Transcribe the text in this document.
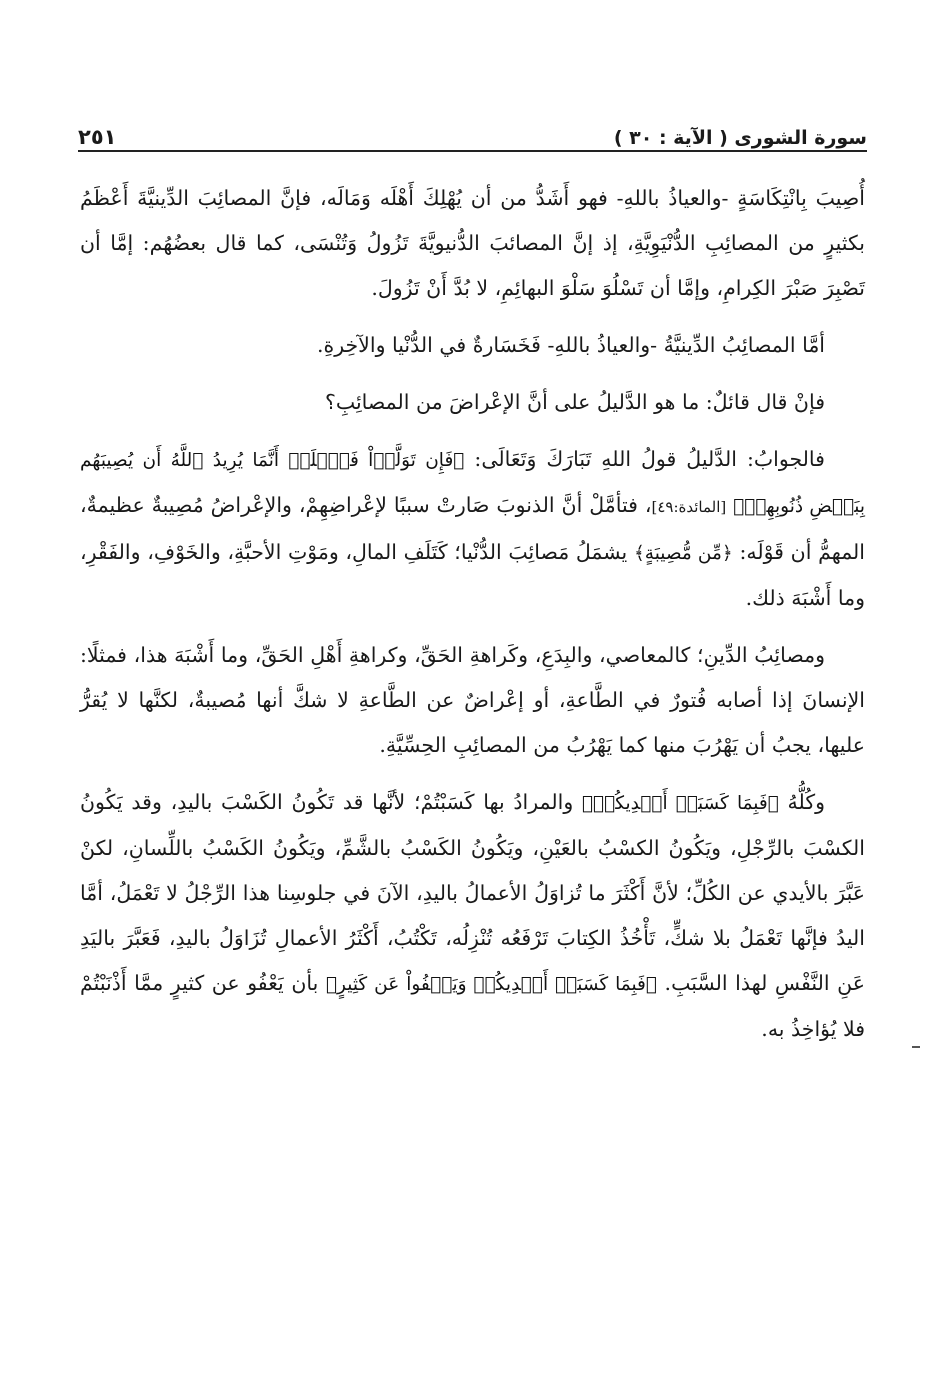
٢٥١	سورة الشورى ( الآية : ٣٠ )

أُصِيبَ بِانْتِكَاسَةٍ -والعياذُ باللهِ- فهو أَشَدُّ من أن يُهْلِكَ أَهْلَه وَمَالَه، فإنَّ المصائِبَ الدِّينيَّةَ أَعْظَمُ بكثيرٍ من المصائِبِ الدُّنْيَوِيَّةِ، إذ إنَّ المصائبَ الدُّنيويَّةَ تَزُولُ وَتُنْسَى، كما قال بعضُهُم: إمَّا أن تَصْبِرَ صَبْرَ الكِرامِ، وإمَّا أن تَسْلُوَ سَلْوَ البهائِمِ، لا بُدَّ أَنْ تَزُولَ.

أمَّا المصائِبُ الدِّينيَّةُ -والعياذُ باللهِ- فَخَسَارةٌ في الدُّنْيا والآخِرةِ.

فإنْ قال قائلٌ: ما هو الدَّليلُ على أنَّ الإعْراضَ من المصائِبِ؟

فالجوابُ: الدَّليلُ قولُ اللهِ تَبَارَكَ وَتَعَالَى: ﴿فَإِن تَوَلَّوۡاْ فَٱعۡلَمۡ أَنَّمَا يُرِيدُ ٱللَّهُ أَن يُصِيبَهُم بِبَعۡضِ ذُنُوبِهِمۡ﴾ [المائدة:٤٩]، فتأمَّلْ أنَّ الذنوبَ صَارتْ سببًا لإعْراضِهِمْ، والإعْراضُ مُصِيبةٌ عظيمةٌ، المهمُّ أن قَوْلَه: ﴿مِّن مُّصِيبَةٍ﴾ يشمَلُ مَصائِبَ الدُّنْيا؛ كَتَلَفِ المالِ، ومَوْتِ الأحبَّةِ، والخَوْفِ، والفَقْرِ، وما أَشْبَهَ ذلك.

ومصائِبُ الدِّينِ؛ كالمعاصي، والبِدَعِ، وكَراهةِ الحَقِّ، وكراهةِ أَهْلِ الحَقِّ، وما أَشْبَهَ هذا، فمثلًا: الإنسانَ إذا أصابه فُتورٌ في الطَّاعةِ، أو إعْراضٌ عن الطَّاعةِ لا شكَّ أنها مُصيبةٌ، لكنَّها لا يُقرُّ عليها، يجبُ أن يَهْرُبَ منها كما يَهْرُبُ من المصائِبِ الحِسِّيَّةِ.

وكُلُّهُ ﴿فَبِمَا كَسَبَتۡ أَيۡدِيكُمۡ﴾ والمرادُ بها كَسَبْتُمْ؛ لأنَّها قد تَكُونُ الكَسْبَ باليدِ، وقد يَكُونُ الكسْبَ بالرِّجْلِ، ويَكُونُ الكسْبُ بالعَيْنِ، ويَكُونُ الكَسْبُ بالشَّمِّ، ويَكُونُ الكَسْبُ باللِّسانِ، لكنْ عَبَّرَ بالأيدي عن الكُلِّ؛ لأنَّ أَكْثَرَ ما تُزاوَلُ الأعمالُ باليدِ، الآنَ في جلوسِنا هذا الرِّجْلُ لا تَعْمَلُ، أمَّا اليدُ فإنَّها تَعْمَلُ بلا شكٍّ، تَأْخُذُ الكِتابَ تَرْفَعُه تُنْزِلُه، تَكْتُبُ، أَكْثَرُ الأعمالِ تُزَاوَلُ باليدِ، فَعَبَّرَ باليَدِ عَنِ النَّفْسِ لهذا السَّبَبِ. ﴿فَبِمَا كَسَبَتۡ أَيۡدِيكُمۡ وَيَعۡفُواْ عَن كَثِيرٍ﴾ بأن يَعْفُو عن كثيرٍ ممَّا أَذْنَبْتُمْ فلا يُؤاخِذُ به.
